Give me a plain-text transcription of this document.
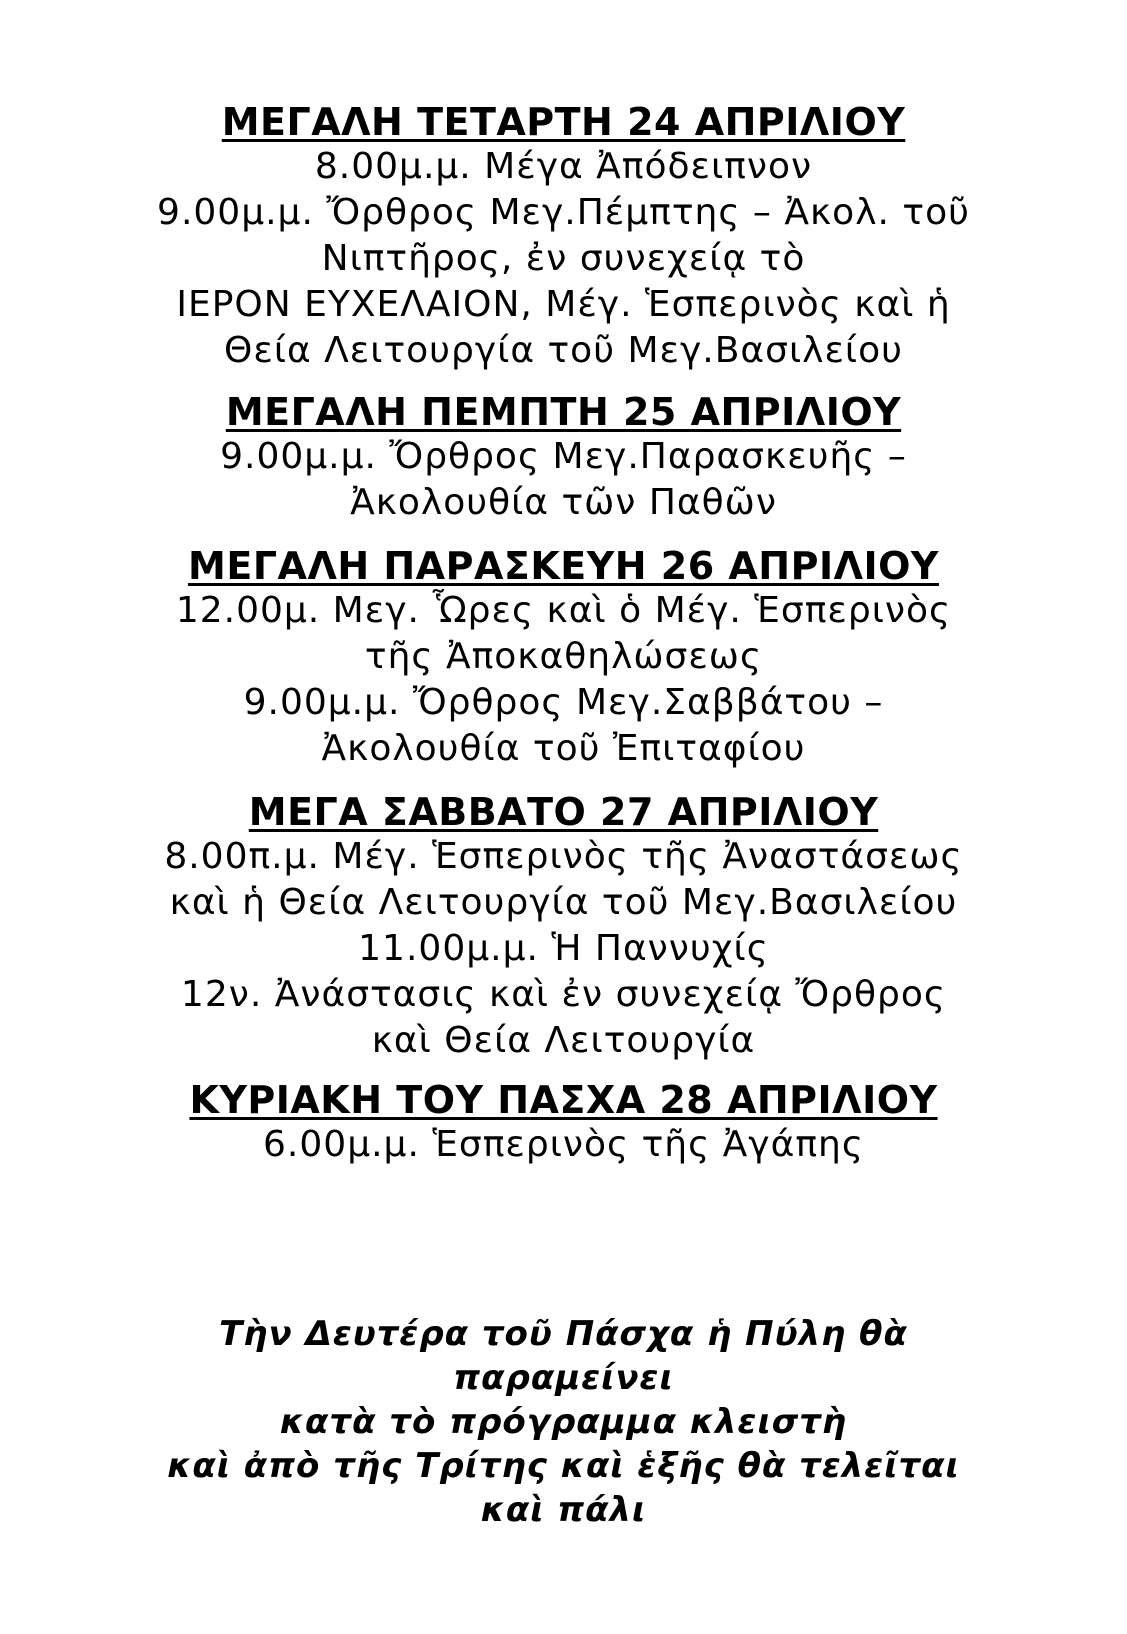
ΜΕΓΑΛΗ ΤΕΤΑΡΤΗ 24 ΑΠΡΙΛΙΟΥ
8.00μ.μ. Μέγα Ἀπόδειπνον
9.00μ.μ. Ὄρθρος Μεγ.Πέμπτης – Ἀκολ. τοῦ
Νιπτῆρος, ἐν συνεχείᾳ τὸ
ΙΕΡΟΝ ΕΥΧΕΛΑΙΟΝ, Μέγ. Ἑσπερινὸς καὶ ἡ
Θεία Λειτουργία τοῦ Μεγ.Βασιλείου
ΜΕΓΑΛΗ ΠΕΜΠΤΗ 25 ΑΠΡΙΛΙΟΥ
9.00μ.μ. Ὄρθρος Μεγ.Παρασκευῆς –
Ἀκολουθία τῶν Παθῶν
ΜΕΓΑΛΗ ΠΑΡΑΣΚΕΥΗ 26 ΑΠΡΙΛΙΟΥ
12.00μ. Μεγ. Ὧρες καὶ ὁ Μέγ. Ἑσπερινὸς
τῆς Ἀποκαθηλώσεως
9.00μ.μ. Ὄρθρος Μεγ.Σαββάτου –
Ἀκολουθία τοῦ Ἐπιταφίου
ΜΕΓΑ ΣΑΒΒΑΤΟ 27 ΑΠΡΙΛΙΟΥ
8.00π.μ. Μέγ. Ἑσπερινὸς τῆς Ἀναστάσεως
καὶ ἡ Θεία Λειτουργία τοῦ Μεγ.Βασιλείου
11.00μ.μ. Ἡ Παννυχίς
12ν. Ἀνάστασις καὶ ἐν συνεχείᾳ Ὄρθρος
καὶ Θεία Λειτουργία
ΚΥΡΙΑΚΗ ΤΟΥ ΠΑΣΧΑ 28 ΑΠΡΙΛΙΟΥ
6.00μ.μ. Ἑσπερινὸς τῆς Ἀγάπης
Τὴν Δευτέρα τοῦ Πάσχα ἡ Πύλη θὰ
παραμείνει
κατὰ τὸ πρόγραμμα κλειστὴ
καὶ ἀπὸ τῆς Τρίτης καὶ ἑξῆς θὰ τελεῖται
καὶ πάλι
